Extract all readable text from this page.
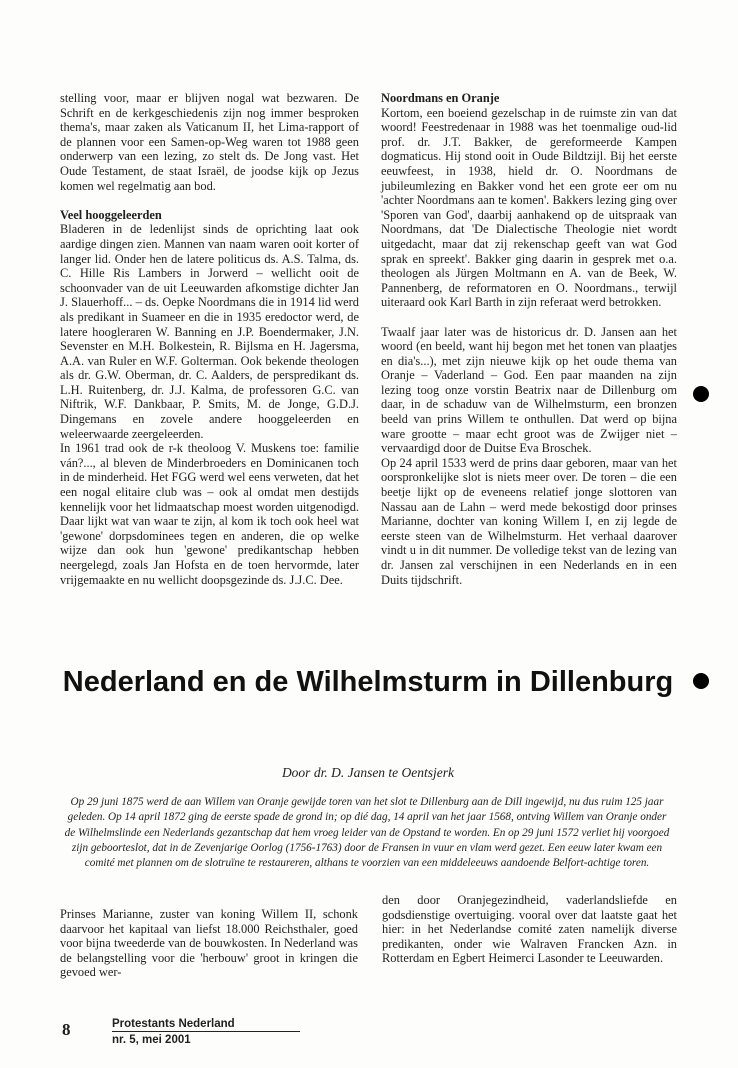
stelling voor, maar er blijven nogal wat bezwaren. De Schrift en de kerkgeschiedenis zijn nog immer besproken thema's, maar zaken als Vaticanum II, het Lima-rapport of de plannen voor een Samen-op-Weg waren tot 1988 geen onderwerp van een lezing, zo stelt ds. De Jong vast. Het Oude Testament, de staat Israël, de joodse kijk op Jezus komen wel regelmatig aan bod.

Veel hooggeleerden

Bladeren in de ledenlijst sinds de oprichting laat ook aardige dingen zien. Mannen van naam waren ooit korter of langer lid. Onder hen de latere politicus ds. A.S. Talma, ds. C. Hille Ris Lambers in Jorwerd – wellicht ooit de schoonvader van de uit Leeuwarden afkomstige dichter Jan J. Slauerhoff... – ds. Oepke Noordmans die in 1914 lid werd als predikant in Suameer en die in 1935 eredoctor werd, de latere hoogleraren W. Banning en J.P. Boendermaker, J.N. Sevenster en M.H. Bolkestein, R. Bijlsma en H. Jagersma, A.A. van Ruler en W.F. Golterman. Ook bekende theologen als dr. G.W. Oberman, dr. C. Aalders, de perspredikant ds. L.H. Ruitenberg, dr. J.J. Kalma, de professoren G.C. van Niftrik, W.F. Dankbaar, P. Smits, M. de Jonge, G.D.J. Dingemans en zovele andere hooggeleerden en weleerwaarde zeergeleerden.

In 1961 trad ook de r-k theoloog V. Muskens toe: familie ván?..., al bleven de Minderbroeders en Dominicanen toch in de minderheid. Het FGG werd wel eens verweten, dat het een nogal elitaire club was – ook al omdat men destijds kennelijk voor het lidmaatschap moest worden uitgenodigd. Daar lijkt wat van waar te zijn, al kom ik toch ook heel wat 'gewone' dorpsdominees tegen en anderen, die op welke wijze dan ook hun 'gewone' predikantschap hebben neergelegd, zoals Jan Hofsta en de toen hervormde, later vrijgemaakte en nu wellicht doopsgezinde ds. J.J.C. Dee.

Noordmans en Oranje

Kortom, een boeiend gezelschap in de ruimste zin van dat woord! Feestredenaar in 1988 was het toenmalige oud-lid prof. dr. J.T. Bakker, de gereformeerde Kampen dogmaticus. Hij stond ooit in Oude Bildtzijl. Bij het eerste eeuwfeest, in 1938, hield dr. O. Noordmans de jubileumlezing en Bakker vond het een grote eer om nu 'achter Noordmans aan te komen'. Bakkers lezing ging over 'Sporen van God', daarbij aanhakend op de uitspraak van Noordmans, dat 'De Dialectische Theologie niet wordt uitgedacht, maar dat zij rekenschap geeft van wat God sprak en spreekt'. Bakker ging daarin in gesprek met o.a. theologen als Jürgen Moltmann en A. van de Beek, W. Pannenberg, de reformatoren en O. Noordmans., terwijl uiteraard ook Karl Barth in zijn referaat werd betrokken.

Twaalf jaar later was de historicus dr. D. Jansen aan het woord (en beeld, want hij begon met het tonen van plaatjes en dia's...), met zijn nieuwe kijk op het oude thema van Oranje – Vaderland – God. Een paar maanden na zijn lezing toog onze vorstin Beatrix naar de Dillenburg om daar, in de schaduw van de Wilhelmsturm, een bronzen beeld van prins Willem te onthullen. Dat werd op bijna ware grootte – maar echt groot was de Zwijger niet – vervaardigd door de Duitse Eva Broschek.

Op 24 april 1533 werd de prins daar geboren, maar van het oorspronkelijke slot is niets meer over. De toren – die een beetje lijkt op de eveneens relatief jonge slottoren van Nassau aan de Lahn – werd mede bekostigd door prinses Marianne, dochter van koning Willem I, en zij legde de eerste steen van de Wilhelmsturm. Het verhaal daarover vindt u in dit nummer. De volledige tekst van de lezing van dr. Jansen zal verschijnen in een Nederlands en in een Duits tijdschrift.

Nederland en de Wilhelmsturm in Dillenburg
Door dr. D. Jansen te Oentsjerk
Op 29 juni 1875 werd de aan Willem van Oranje gewijde toren van het slot te Dillenburg aan de Dill ingewijd, nu dus ruim 125 jaar geleden. Op 14 april 1872 ging de eerste spade de grond in; op dié dag, 14 april van het jaar 1568, ontving Willem van Oranje onder de Wilhelmslinde een Nederlands gezantschap dat hem vroeg leider van de Opstand te worden. En op 29 juni 1572 verliet hij voorgoed zijn geboorteslot, dat in de Zevenjarige Oorlog (1756-1763) door de Fransen in vuur en vlam werd gezet. Een eeuw later kwam een comité met plannen om de slotruïne te restaureren, althans te voorzien van een middeleeuws aandoende Belfort-achtige toren.

Prinses Marianne, zuster van koning Willem II, schonk daarvoor het kapitaal van liefst 18.000 Reichsthaler, goed voor bijna tweederde van de bouwkosten. In Nederland was de belangstelling voor die 'herbouw' groot in kringen die gevoed wer-

den door Oranjegezindheid, vaderlandsliefde en godsdienstige overtuiging. vooral over dat laatste gaat het hier: in het Nederlandse comité zaten namelijk diverse predikanten, onder wie Walraven Francken Azn. in Rotterdam en Egbert Heimerci Lasonder te Leeuwarden.

8	Protestants Nederland
nr. 5, mei 2001
